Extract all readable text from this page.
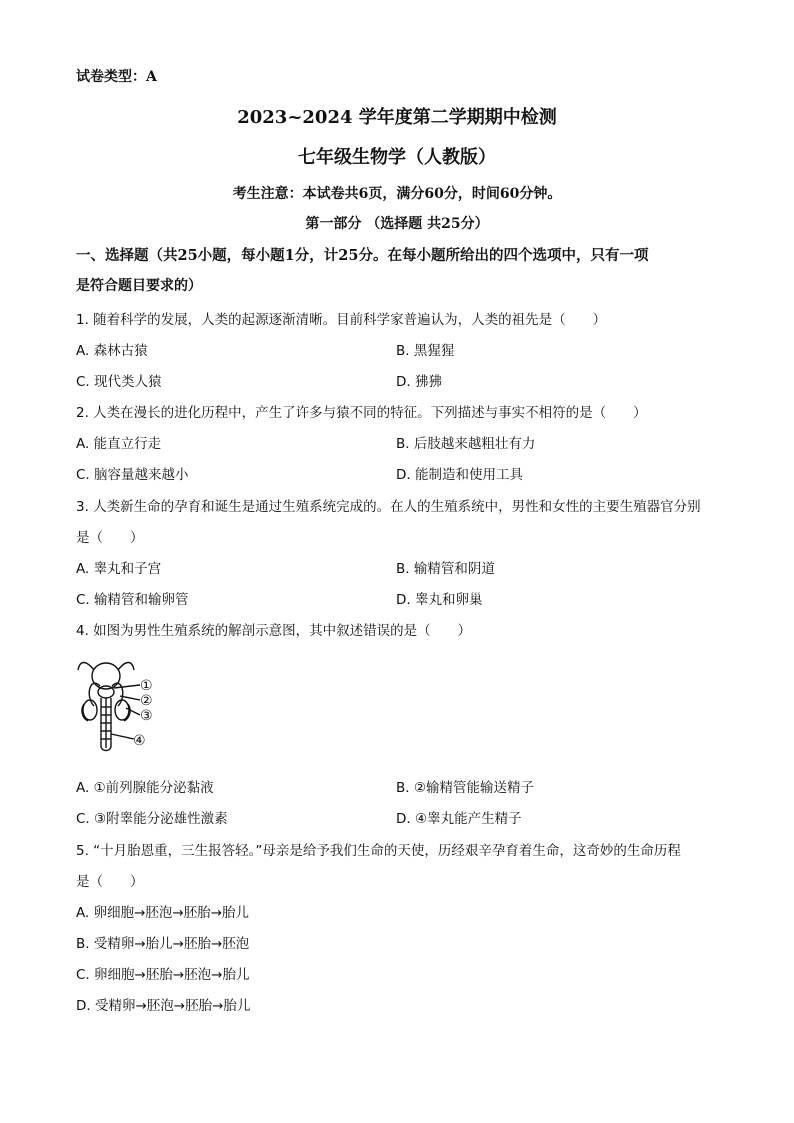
试卷类型：A
2023~2024 学年度第二学期期中检测
七年级生物学（人教版）
考生注意：本试卷共6页，满分60分，时间60分钟。
第一部分 （选择题 共25分）
一、选择题（共25小题，每小题1分，计25分。在每小题所给出的四个选项中，只有一项
是符合题目要求的）
1. 随着科学的发展，人类的起源逐渐清晰。目前科学家普遍认为，人类的祖先是（　　）
A. 森林古猿	B. 黑猩猩
C. 现代类人猿	D. 狒狒
2. 人类在漫长的进化历程中，产生了许多与猿不同的特征。下列描述与事实不相符的是（　　）
A. 能直立行走	B. 后肢越来越粗壮有力
C. 脑容量越来越小	D. 能制造和使用工具
3. 人类新生命的孕育和诞生是通过生殖系统完成的。在人的生殖系统中，男性和女性的主要生殖器官分别
是（　　）
A. 睾丸和子宫	B. 输精管和阴道
C. 输精管和输卵管	D. 睾丸和卵巢
4. 如图为男性生殖系统的解剖示意图，其中叙述错误的是（　　）
①
②
③
④
A. ①前列腺能分泌黏液	B. ②输精管能输送精子
C. ③附睾能分泌雄性激素	D. ④睾丸能产生精子
5. “十月胎恩重，三生报答轻。”母亲是给予我们生命的天使，历经艰辛孕育着生命，这奇妙的生命历程
是（　　）
A. 卵细胞→胚泡→胚胎→胎儿
B. 受精卵→胎儿→胚胎→胚泡
C. 卵细胞→胚胎→胚泡→胎儿
D. 受精卵→胚泡→胚胎→胎儿
